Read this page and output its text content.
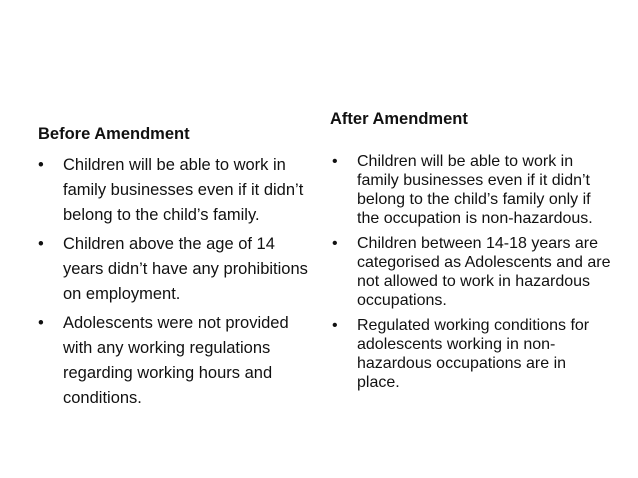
Before Amendment
• Children will be able to work in family businesses even if it didn’t belong to the child’s family.
• Children above the age of 14 years didn’t have any prohibitions on employment.
• Adolescents were not provided with any working regulations regarding working hours and conditions.
After Amendment
• Children will be able to work in family businesses even if it didn’t belong to the child’s family only if the occupation is non-hazardous.
• Children between 14-18 years are categorised as Adolescents and are not allowed to work in hazardous occupations.
• Regulated working conditions for adolescents working in non-hazardous occupations are in place.
